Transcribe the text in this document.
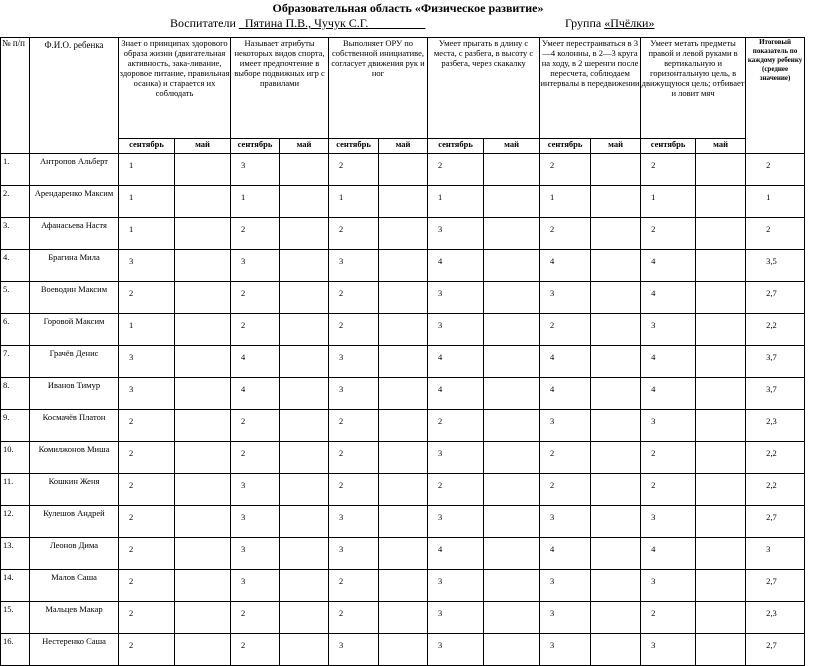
Образовательная область «Физическое развитие»
Воспитатели Пятина П.В., Чучук С.Г.	Группа «Пчёлки»
№ п/п	Ф.И.О. ребенка	Знает о принципах здорового образа жизни (двигательная активность, зака-ливание, здоровое питание, правильная осанка) и старается их соблюдать		Называет атрибуты некоторых видов спорта, имеет предпочтение в выборе подвижных игр с правилами		Выполняет ОРУ по собственной инициативе, согласует движения рук и ног		Умеет прыгать в длину с места, с разбега, в высоту с разбега, через скакалку		Умеет перестраиваться в 3—4 колонны, в 2—3 круга на ходу, в 2 шеренги после пересчета, соблюдаем интервалы в передвижении		Умеет метать предметы правой и левой руками в вертикальную и горизонтальную цель, в движущуюся цель; отбивает и ловит мяч		Итоговый показатель по каждому ребенку (среднее значение)
		сентябрь	май	сентябрь	май	сентябрь	май	сентябрь	май	сентябрь	май	сентябрь	май	
1.	Антропов Альберт	1		3		2		2		2		2		2
2.	Арендаренко Максим	1		1		1		1		1		1		1
3.	Афанасьева Настя	1		2		2		3		2		2		2
4.	Брагина Мила	3		3		3		4		4		4		3,5
5.	Воеводин Максим	2		2		2		3		3		4		2,7
6.	Горовой Максим	1		2		2		3		2		3		2,2
7.	Грачёв Денис	3		4		3		4		4		4		3,7
8.	Иванов Тимур	3		4		3		4		4		4		3,7
9.	Космачёв Платон	2		2		2		2		3		3		2,3
10.	Комилжонов Миша	2		2		2		3		2		2		2,2
11.	Кошкин Женя	2		3		2		2		2		2		2,2
12.	Кулешов Андрей	2		3		3		3		3		3		2,7
13.	Леонов Дима	2		3		3		4		4		4		3
14.	Малов Саша	2		3		2		3		3		3		2,7
15.	Мальцев Макар	2		2		2		3		3		2		2,3
16.	Нестеренко Саша	2		2		3		3		3		3		2,7
